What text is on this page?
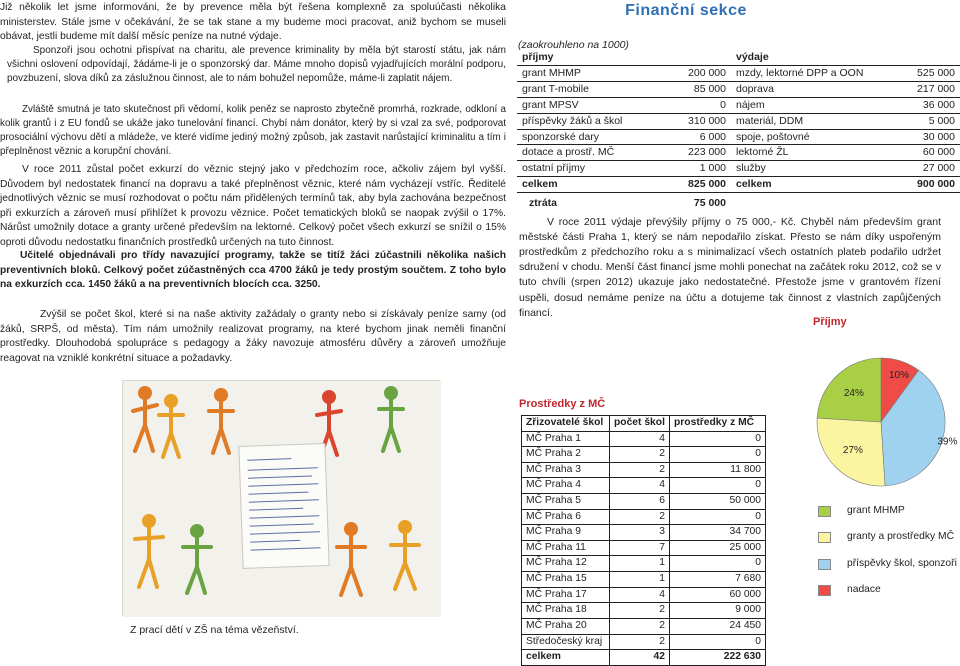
Již několik let jsme informováni, že by prevence měla být řešena komplexně za spoluúčasti několika ministerstev. Stále jsme v očekávání, že se tak stane a my budeme moci pracovat, aniž bychom se museli obávat, jestli budeme mít další měsíc peníze na nutné výdaje.
Sponzoři jsou ochotni přispívat na charitu, ale prevence kriminality by měla být starostí státu, jak nám všichni oslovení odpovídají, žádáme-li je o sponzorský dar. Máme mnoho dopisů vyjadřujících morální podporu, povzbuzení, slova díků za záslužnou činnost, ale to nám bohužel nepomůže, máme-li zaplatit nájem.
Zvláště smutná je tato skutečnost při vědomí, kolik peněz se naprosto zbytečně promrhá, rozkrade, odkloní a kolik grantů i z EU fondů se ukáže jako tunelování financí. Chybí nám donátor, který by si vzal za své, podporovat prosociální výchovu dětí a mládeže, ve které vidíme jediný možný způsob, jak zastavit narůstající kriminalitu a tím i přeplněnost věznic a korupční chování.
V roce 2011 zůstal počet exkurzí do věznic stejný jako v předchozím roce, ačkoliv zájem byl vyšší. Důvodem byl nedostatek financí na dopravu a také přeplněnost věznic, které nám vycházejí vstříc. Ředitelé jednotlivých věznic se musí rozhodovat o počtu nám přidělených termínů tak, aby byla zachována bezpečnost při exkurzích a zároveň musí přihlížet k provozu věznice. Počet tematických bloků se naopak zvýšil o 17%. Nárůst umožnily dotace a granty určené především na lektorné. Celkový počet všech exkurzí se snížil o 15% oproti důvodu nedostatku finančních prostředků určených na tuto činnost.
Učitelé objednávali pro třídy navazující programy, takže se titíž žáci zúčastnili několika našich preventivních bloků. Celkový počet zúčastněných cca 4700 žáků je tedy prostým součtem. Z toho bylo na exkurzích cca. 1450 žáků a na preventivních blocích cca. 3250.
Zvýšil se počet škol, které si na naše aktivity zažádaly o granty nebo si získávaly peníze samy (od žáků, SRPŠ, od města). Tím nám umožnily realizovat programy, na které bychom jinak neměli finanční prostředky. Dlouhodobá spolupráce s pedagogy a žáky navozuje atmosféru důvěry a zároveň umožňuje reagovat na vzniklé konkrétní situace a požadavky.
Z prací dětí v ZŠ na téma vězeňství.
Finanční sekce
(zaokrouhleno na 1000)
příjmy		výdaje	
grant MHMP	200 000	mzdy, lektorné DPP a OON	525 000
grant T-mobile	85 000	doprava	217 000
grant MPSV	0	nájem	36 000
příspěvky žáků a škol	310 000	materiál, DDM	5 000
sponzorské dary	6 000	spoje, poštovné	30 000
dotace a prostř. MČ	223 000	lektorné ŽL	60 000
ostatní příjmy	1 000	služby	27 000
celkem	825 000	celkem	900 000
ztráta	75 000		
V roce 2011 výdaje převýšily příjmy o 75 000,- Kč. Chyběl nám především grant městské části Praha 1, který se nám nepodařilo získat. Přesto se nám díky uspořeným prostředkům z předchozího roku a s minimalizací všech ostatních plateb podařilo udržet sdružení v chodu. Menší část financí jsme mohli ponechat na začátek roku 2012, což se v tuto chvíli (srpen 2012) ukazuje jako nedostatečné. Přestože jsme v grantovém řízení uspěli, dosud nemáme peníze na účtu a dotujeme tak činnost z vlastních zapůjčených financí.
Prostředky z MČ
Zřizovatelé škol	počet škol	prostředky z MČ
MČ Praha 1	4	0
MČ Praha 2	2	0
MČ Praha 3	2	11 800
MČ Praha 4	4	0
MČ Praha 5	6	50 000
MČ Praha 6	2	0
MČ Praha 9	3	34 700
MČ Praha 11	7	25 000
MČ Praha 12	1	0
MČ Praha 15	1	7 680
MČ Praha 17	4	60 000
MČ Praha 18	2	9 000
MČ Praha 20	2	24 450
Středočeský kraj	2	0
celkem	42	222 630
Příjmy
10%
39%
27%
24%
grant MHMP
granty a prostředky MČ
příspěvky škol, sponzoři
nadace
